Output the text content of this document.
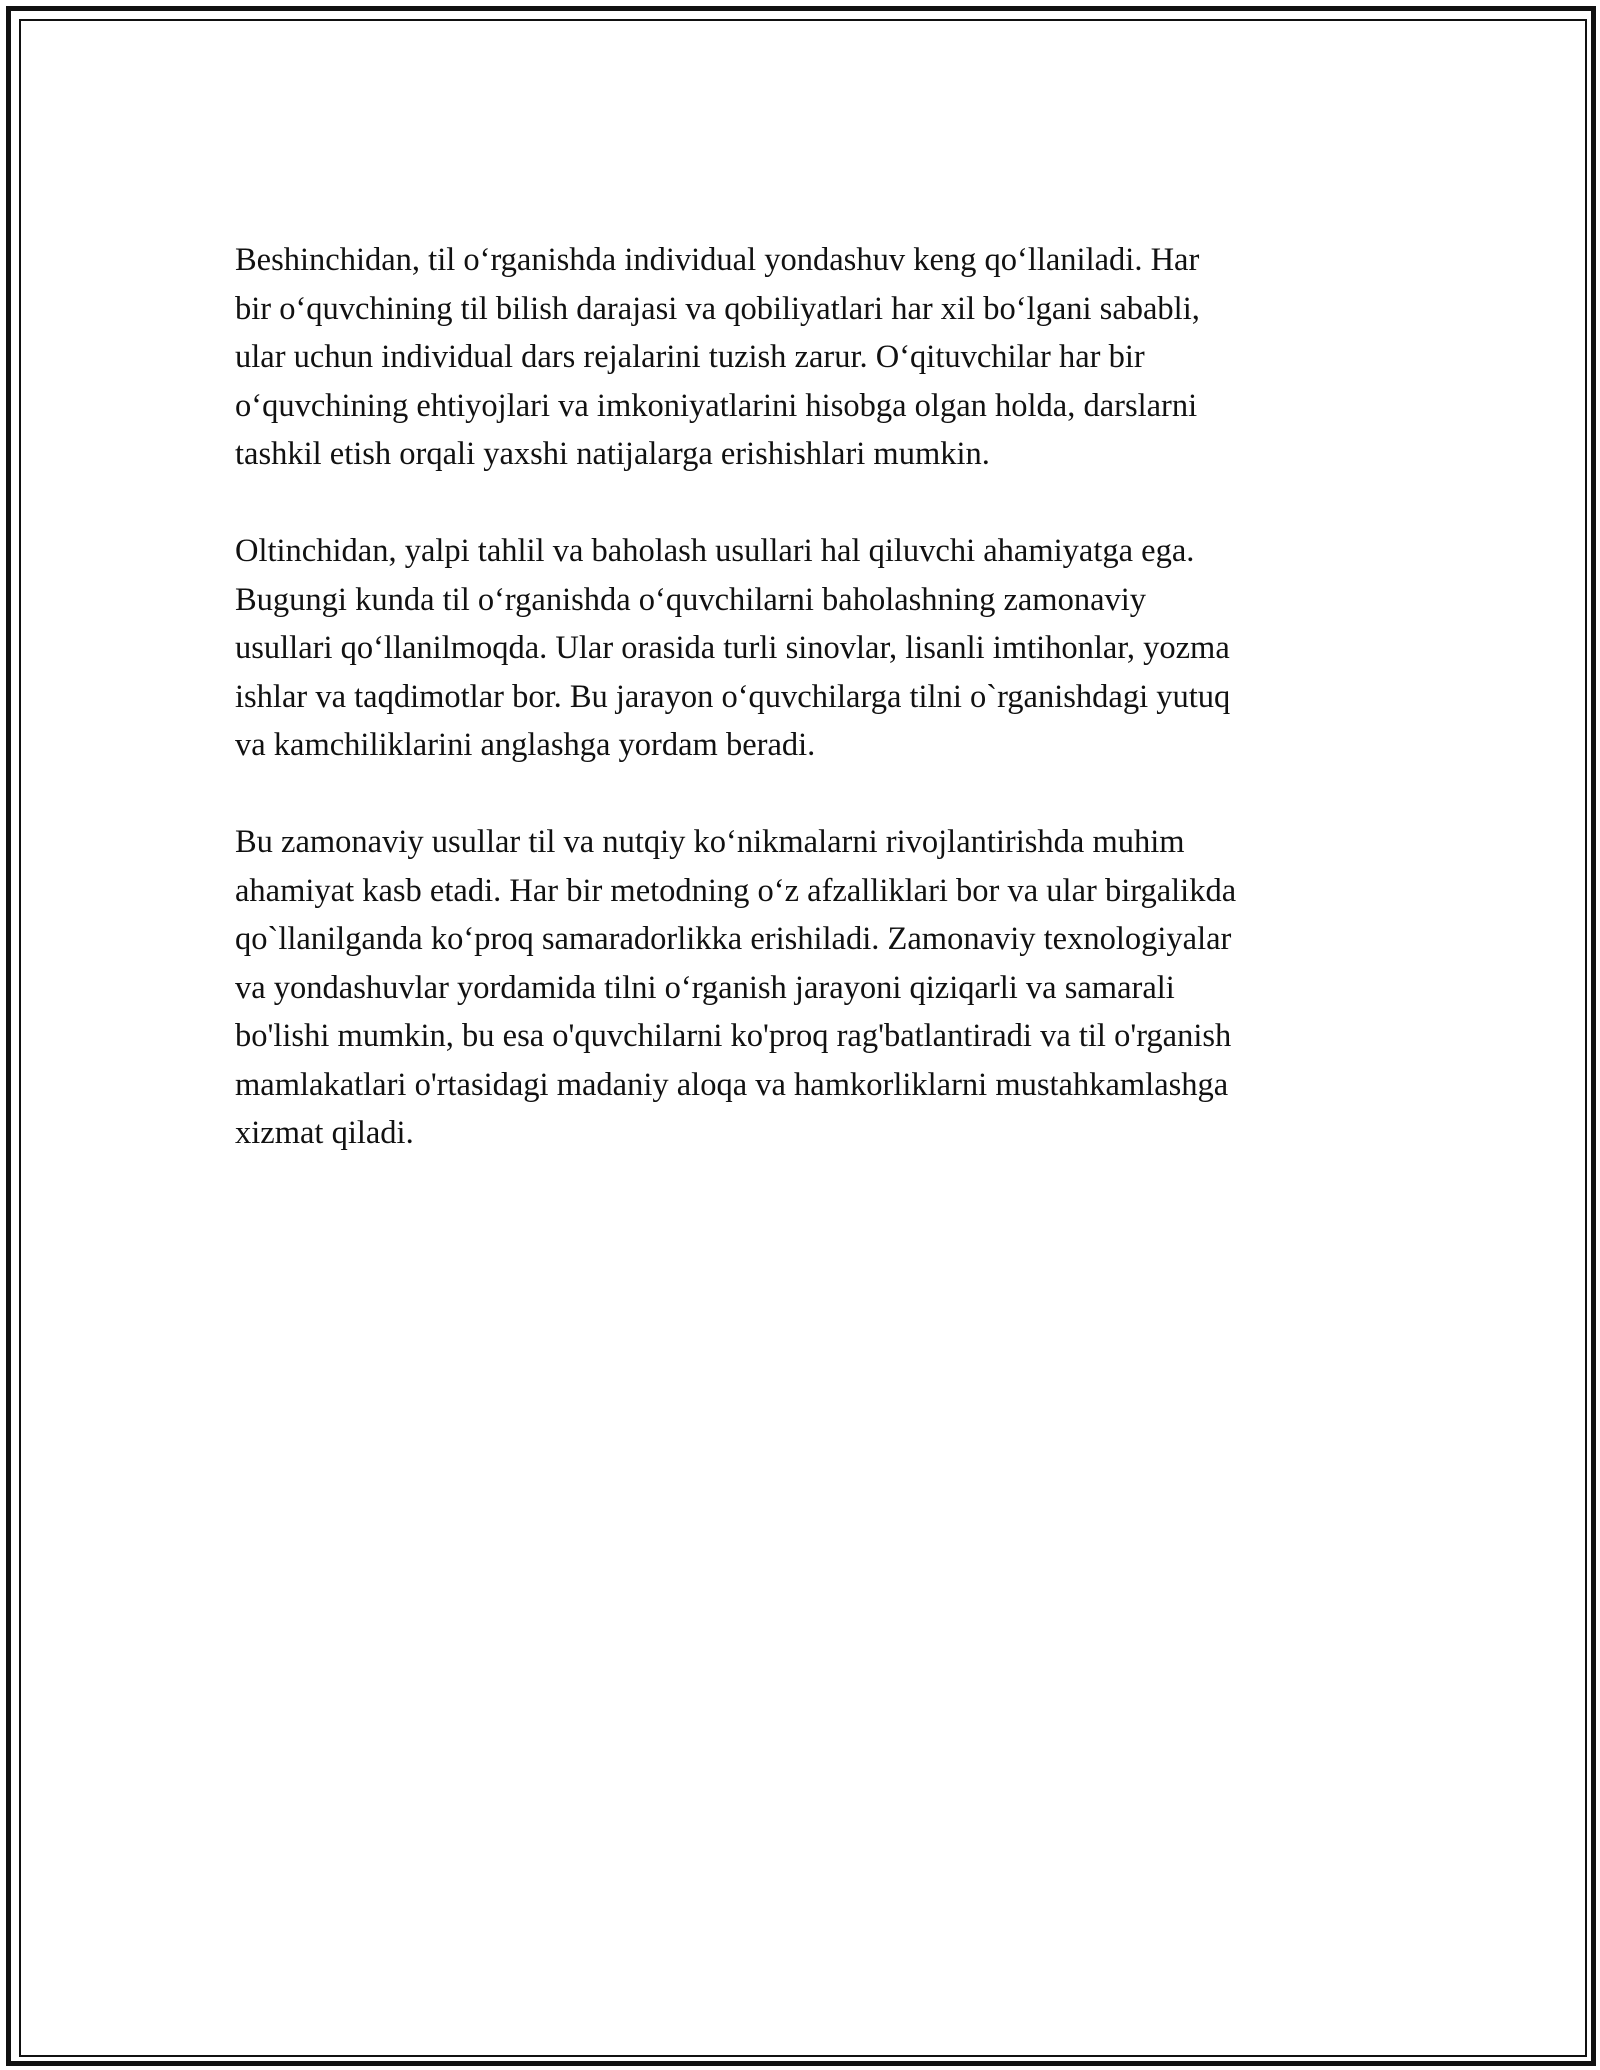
Beshinchidan, til o‘rganishda individual yondashuv keng qo‘llaniladi. Har
bir o‘quvchining til bilish darajasi va qobiliyatlari har xil bo‘lgani sababli,
ular uchun individual dars rejalarini tuzish zarur. O‘qituvchilar har bir
o‘quvchining ehtiyojlari va imkoniyatlarini hisobga olgan holda, darslarni
tashkil etish orqali yaxshi natijalarga erishishlari mumkin.

Oltinchidan, yalpi tahlil va baholash usullari hal qiluvchi ahamiyatga ega.
Bugungi kunda til o‘rganishda o‘quvchilarni baholashning zamonaviy
usullari qo‘llanilmoqda. Ular orasida turli sinovlar, lisanli imtihonlar, yozma
ishlar va taqdimotlar bor. Bu jarayon o‘quvchilarga tilni o`rganishdagi yutuq
va kamchiliklarini anglashga yordam beradi.

Bu zamonaviy usullar til va nutqiy ko‘nikmalarni rivojlantirishda muhim
ahamiyat kasb etadi. Har bir metodning o‘z afzalliklari bor va ular birgalikda
qo`llanilganda ko‘proq samaradorlikka erishiladi. Zamonaviy texnologiyalar
va yondashuvlar yordamida tilni o‘rganish jarayoni qiziqarli va samarali
bo'lishi mumkin, bu esa o'quvchilarni ko'proq rag'batlantiradi va til o'rganish
mamlakatlari o'rtasidagi madaniy aloqa va hamkorliklarni mustahkamlashga
xizmat qiladi.
